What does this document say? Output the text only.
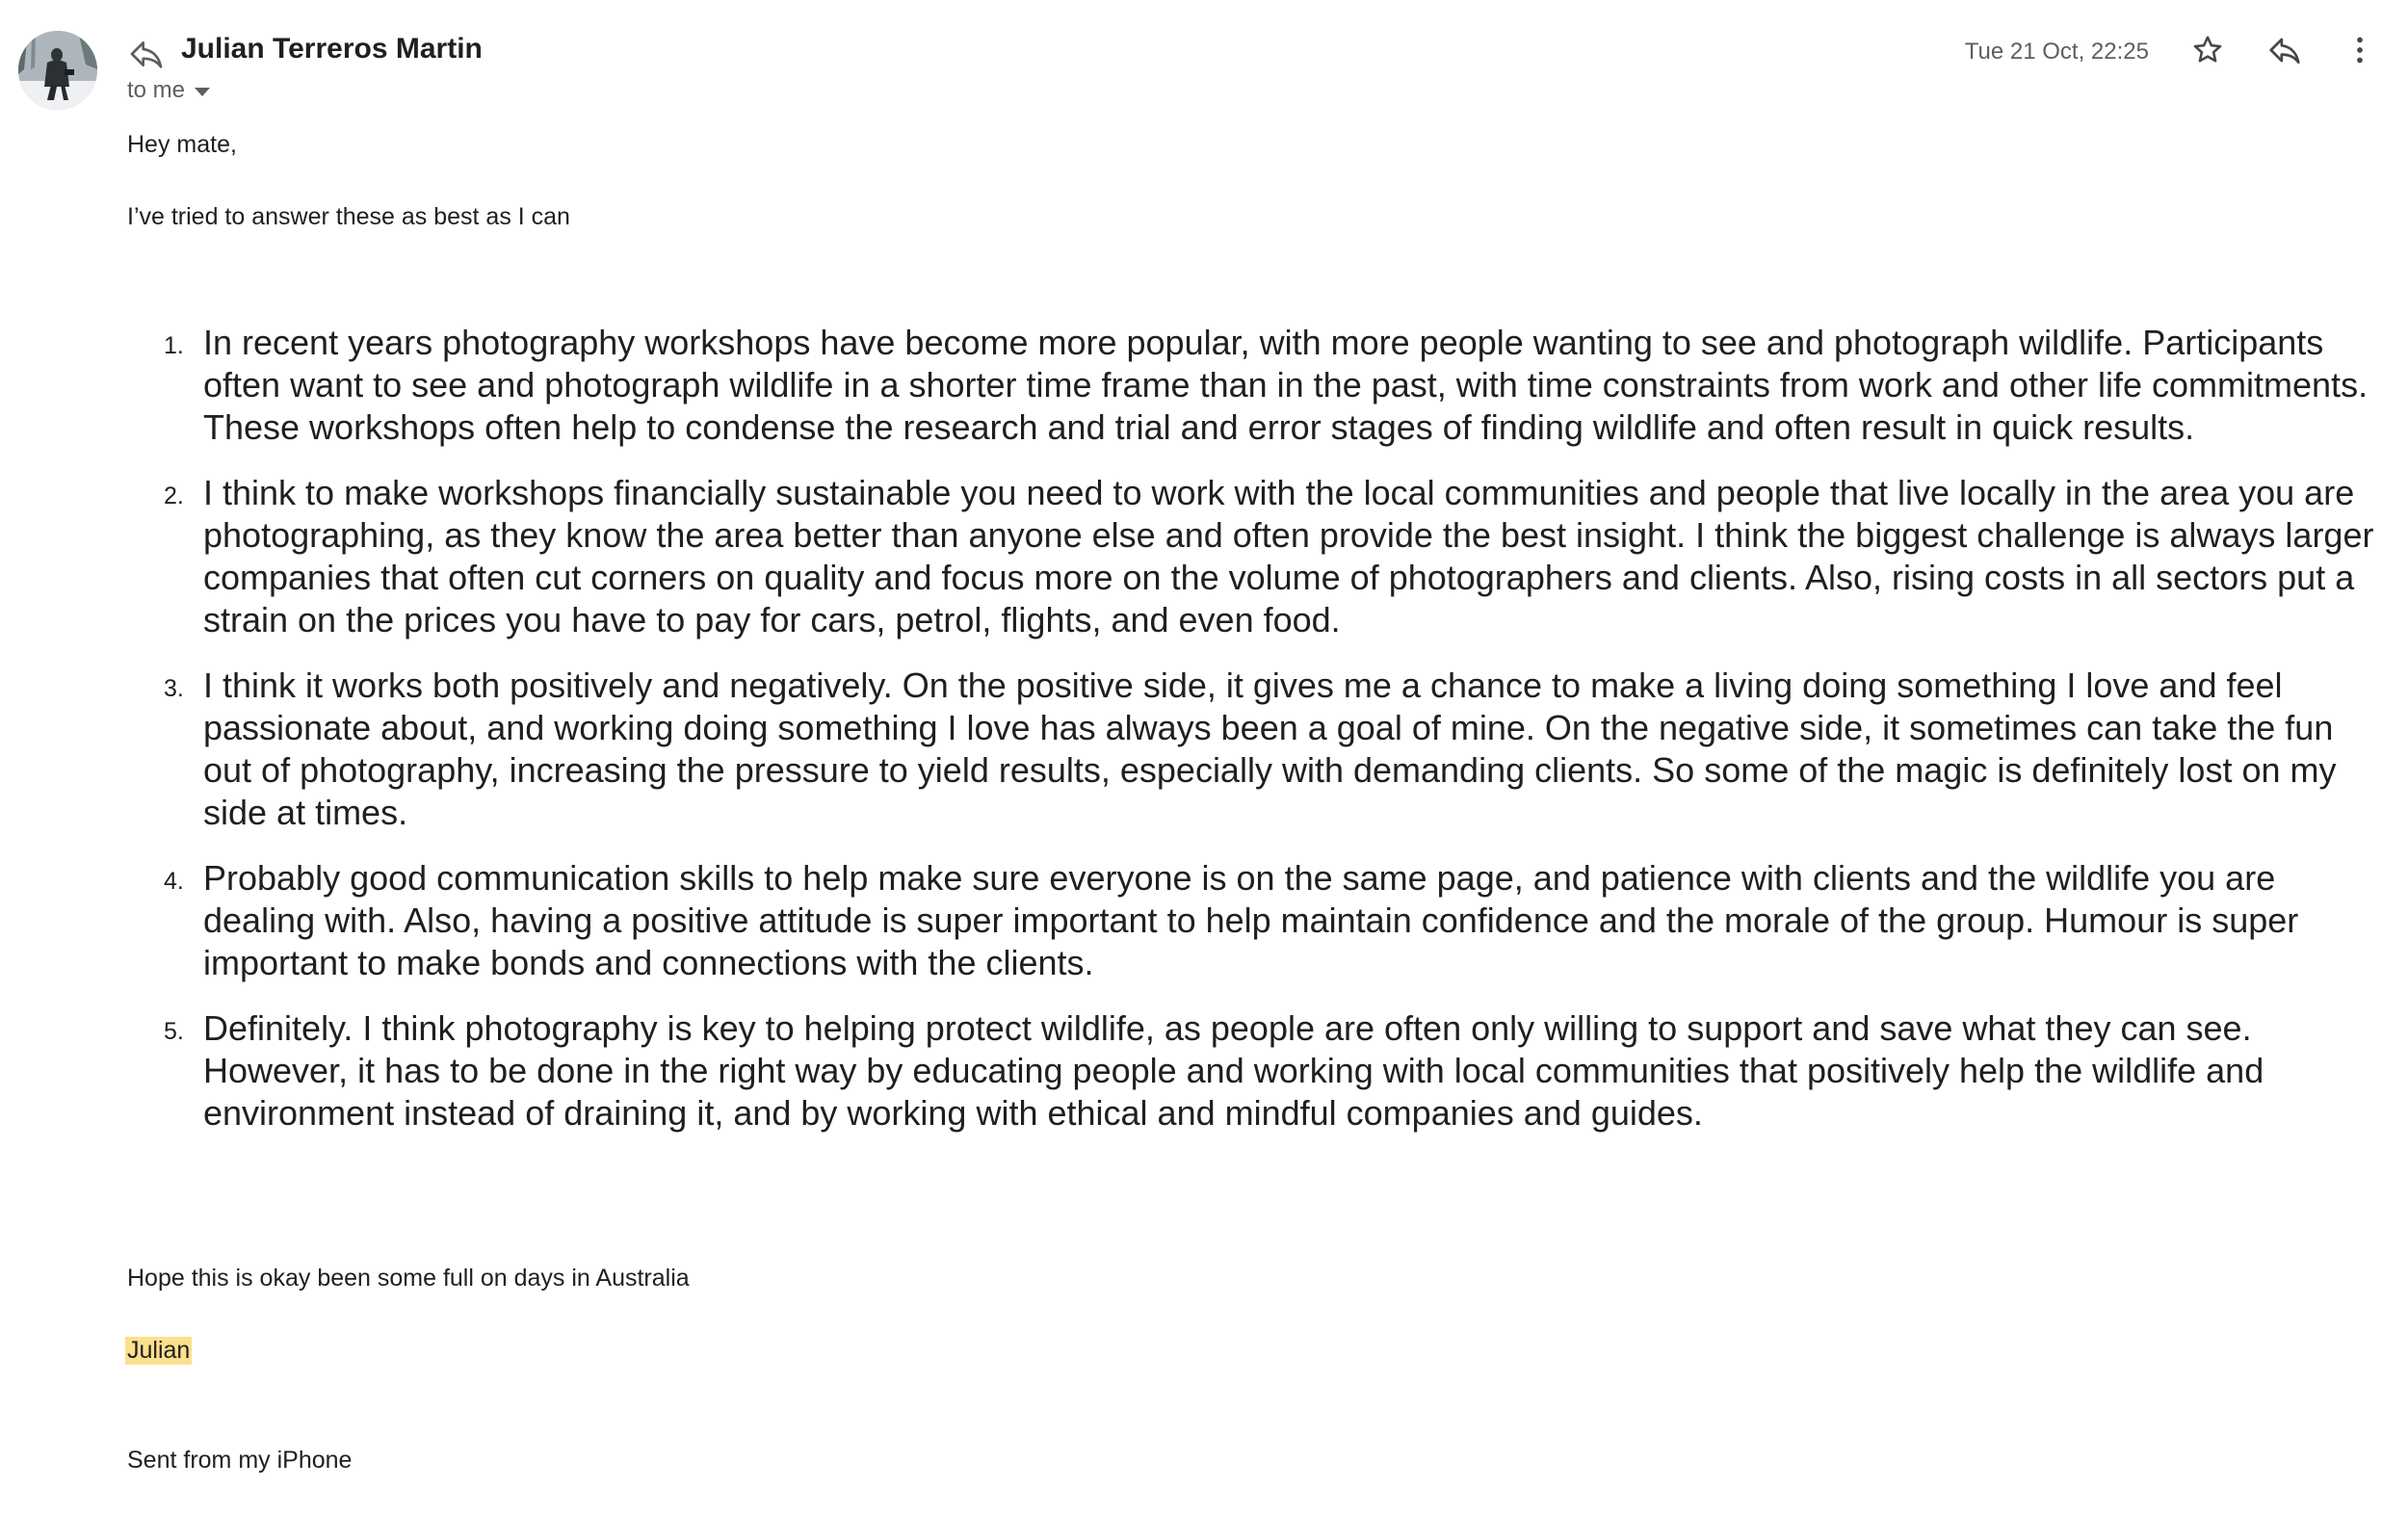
Julian Terreros Martin
to me
Tue 21 Oct, 22:25
Hey mate,
I’ve tried to answer these as best as I can
1. In recent years photography workshops have become more popular, with more people wanting to see and photograph wildlife. Participants often want to see and photograph wildlife in a shorter time frame than in the past, with time constraints from work and other life commitments. These workshops often help to condense the research and trial and error stages of finding wildlife and often result in quick results.
2. I think to make workshops financially sustainable you need to work with the local communities and people that live locally in the area you are photographing, as they know the area better than anyone else and often provide the best insight. I think the biggest challenge is always larger companies that often cut corners on quality and focus more on the volume of photographers and clients. Also, rising costs in all sectors put a strain on the prices you have to pay for cars, petrol, flights, and even food.
3. I think it works both positively and negatively. On the positive side, it gives me a chance to make a living doing something I love and feel passionate about, and working doing something I love has always been a goal of mine. On the negative side, it sometimes can take the fun out of photography, increasing the pressure to yield results, especially with demanding clients. So some of the magic is definitely lost on my side at times.
4. Probably good communication skills to help make sure everyone is on the same page, and patience with clients and the wildlife you are dealing with. Also, having a positive attitude is super important to help maintain confidence and the morale of the group. Humour is super important to make bonds and connections with the clients.
5. Definitely. I think photography is key to helping protect wildlife, as people are often only willing to support and save what they can see. However, it has to be done in the right way by educating people and working with local communities that positively help the wildlife and environment instead of draining it, and by working with ethical and mindful companies and guides.
Hope this is okay been some full on days in Australia
Julian
Sent from my iPhone
